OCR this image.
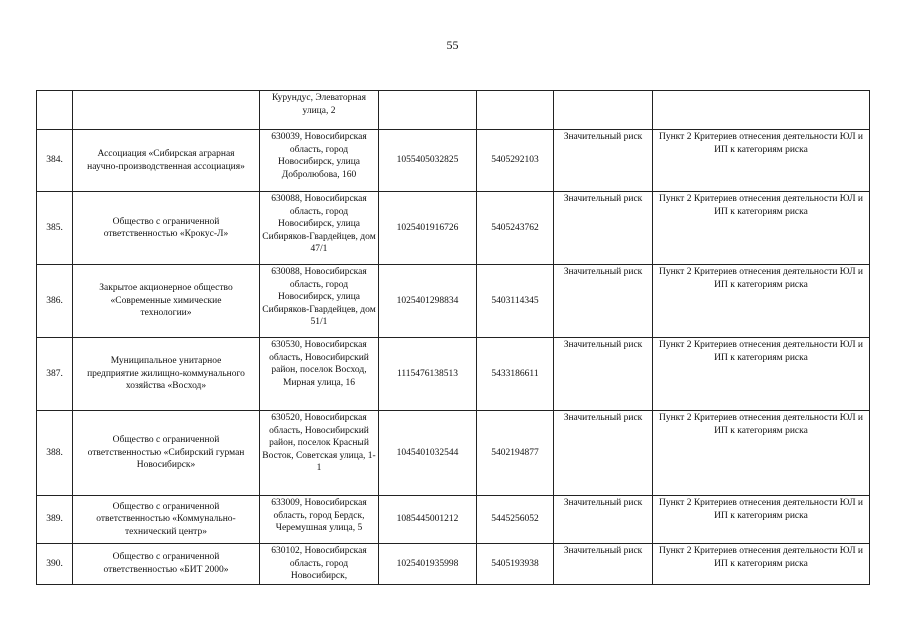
55
		Курундус, Элеваторная улица, 2				
384.	Ассоциация «Сибирская аграрная научно-производственная ассоциация»	630039, Новосибирская область, город Новосибирск, улица Добролюбова, 160	1055405032825	5405292103	Значительный риск	Пункт 2 Критериев отнесения деятельности ЮЛ и ИП к категориям риска
385.	Общество с ограниченной ответственностью «Крокус-Л»	630088, Новосибирская область, город Новосибирск, улица Сибиряков-Гвардейцев, дом 47/1	1025401916726	5405243762	Значительный риск	Пункт 2 Критериев отнесения деятельности ЮЛ и ИП к категориям риска
386.	Закрытое акционерное общество «Современные химические технологии»	630088, Новосибирская область, город Новосибирск, улица Сибиряков-Гвардейцев, дом 51/1	1025401298834	5403114345	Значительный риск	Пункт 2 Критериев отнесения деятельности ЮЛ и ИП к категориям риска
387.	Муниципальное унитарное предприятие жилищно-коммунального хозяйства «Восход»	630530, Новосибирская область, Новосибирский район, поселок Восход, Мирная улица, 16	1115476138513	5433186611	Значительный риск	Пункт 2 Критериев отнесения деятельности ЮЛ и ИП к категориям риска
388.	Общество с ограниченной ответственностью «Сибирский гурман Новосибирск»	630520, Новосибирская область, Новосибирский район, поселок Красный Восток, Советская улица, 1-1	1045401032544	5402194877	Значительный риск	Пункт 2 Критериев отнесения деятельности ЮЛ и ИП к категориям риска
389.	Общество с ограниченной ответственностью «Коммунально-технический центр»	633009, Новосибирская область, город Бердск, Черемушная улица, 5	1085445001212	5445256052	Значительный риск	Пункт 2 Критериев отнесения деятельности ЮЛ и ИП к категориям риска
390.	Общество с ограниченной ответственностью «БИТ 2000»	630102, Новосибирская область, город Новосибирск,	1025401935998	5405193938	Значительный риск	Пункт 2 Критериев отнесения деятельности ЮЛ и ИП к категориям риска
